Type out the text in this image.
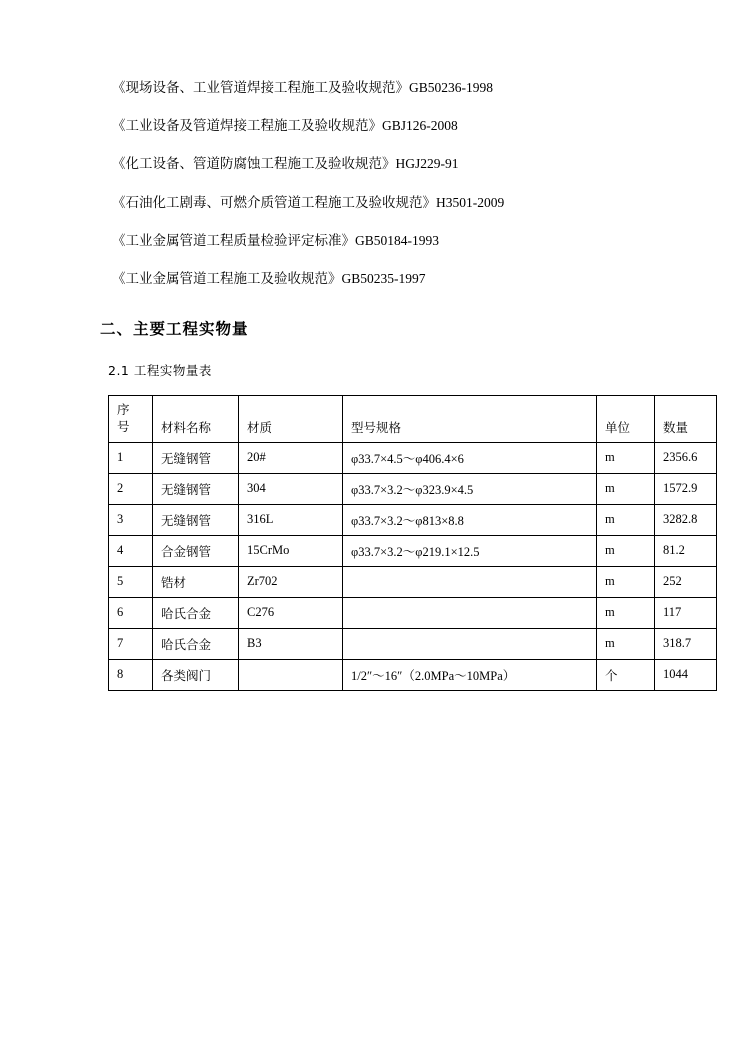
《现场设备、工业管道焊接工程施工及验收规范》GB50236-1998
《工业设备及管道焊接工程施工及验收规范》GBJ126-2008
《化工设备、管道防腐蚀工程施工及验收规范》HGJ229-91
《石油化工剧毒、可燃介质管道工程施工及验收规范》H3501-2009
《工业金属管道工程质量检验评定标准》GB50184-1993
《工业金属管道工程施工及验收规范》GB50235-1997
二、主要工程实物量
2.1 工程实物量表
序
号	材料名称	材质	型号规格	单位	数量
1	无缝钢管	20#	φ33.7×4.5～φ406.4×6	m	2356.6
2	无缝钢管	304	φ33.7×3.2～φ323.9×4.5	m	1572.9
3	无缝钢管	316L	φ33.7×3.2～φ813×8.8	m	3282.8
4	合金钢管	15CrMo	φ33.7×3.2～φ219.1×12.5	m	81.2
5	锆材	Zr702		m	252
6	哈氏合金	C276		m	117
7	哈氏合金	B3		m	318.7
8	各类阀门		1/2″～16″（2.0MPa～10MPa）	个	1044
